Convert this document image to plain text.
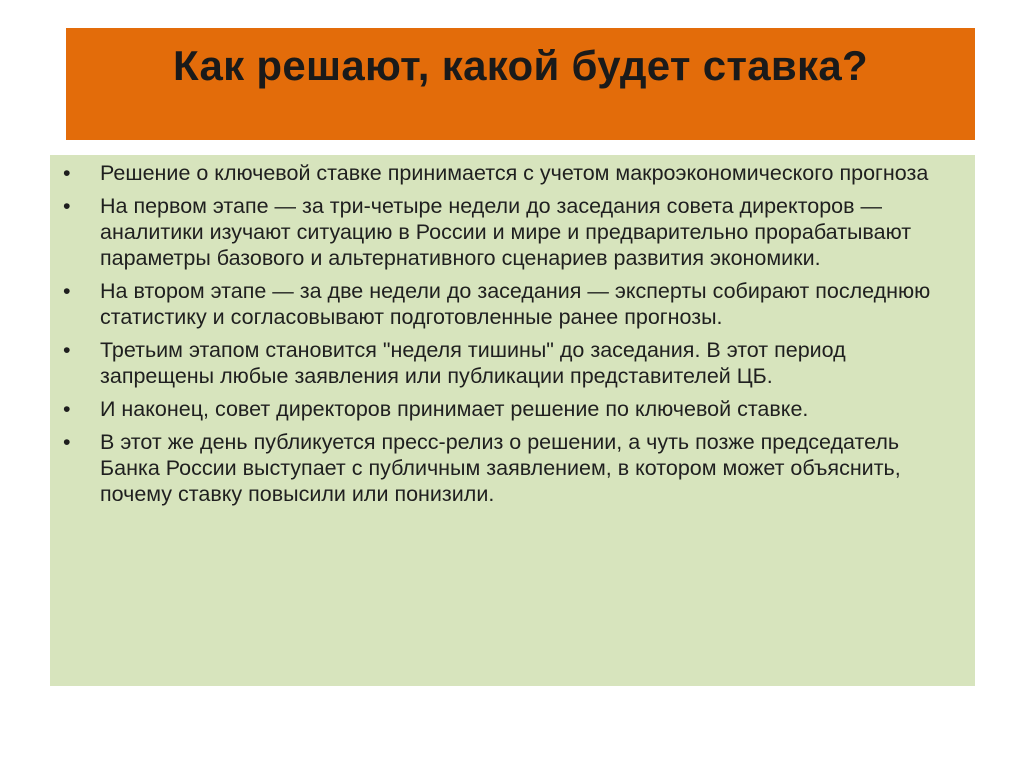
Как решают, какой будет ставка?
• Решение о ключевой ставке принимается с учетом макроэкономического прогноза
• На первом этапе — за три-четыре недели до заседания совета директоров — аналитики изучают ситуацию в России и мире и предварительно прорабатывают параметры базового и альтернативного сценариев развития экономики.
• На втором этапе — за две недели до заседания — эксперты собирают последнюю статистику и согласовывают подготовленные ранее прогнозы.
• Третьим этапом становится "неделя тишины" до заседания. В этот период запрещены любые заявления или публикации представителей ЦБ.
• И наконец, совет директоров принимает решение по ключевой ставке.
• В этот же день публикуется пресс-релиз о решении, а чуть позже председатель Банка России выступает с публичным заявлением, в котором может объяснить, почему ставку повысили или понизили.
